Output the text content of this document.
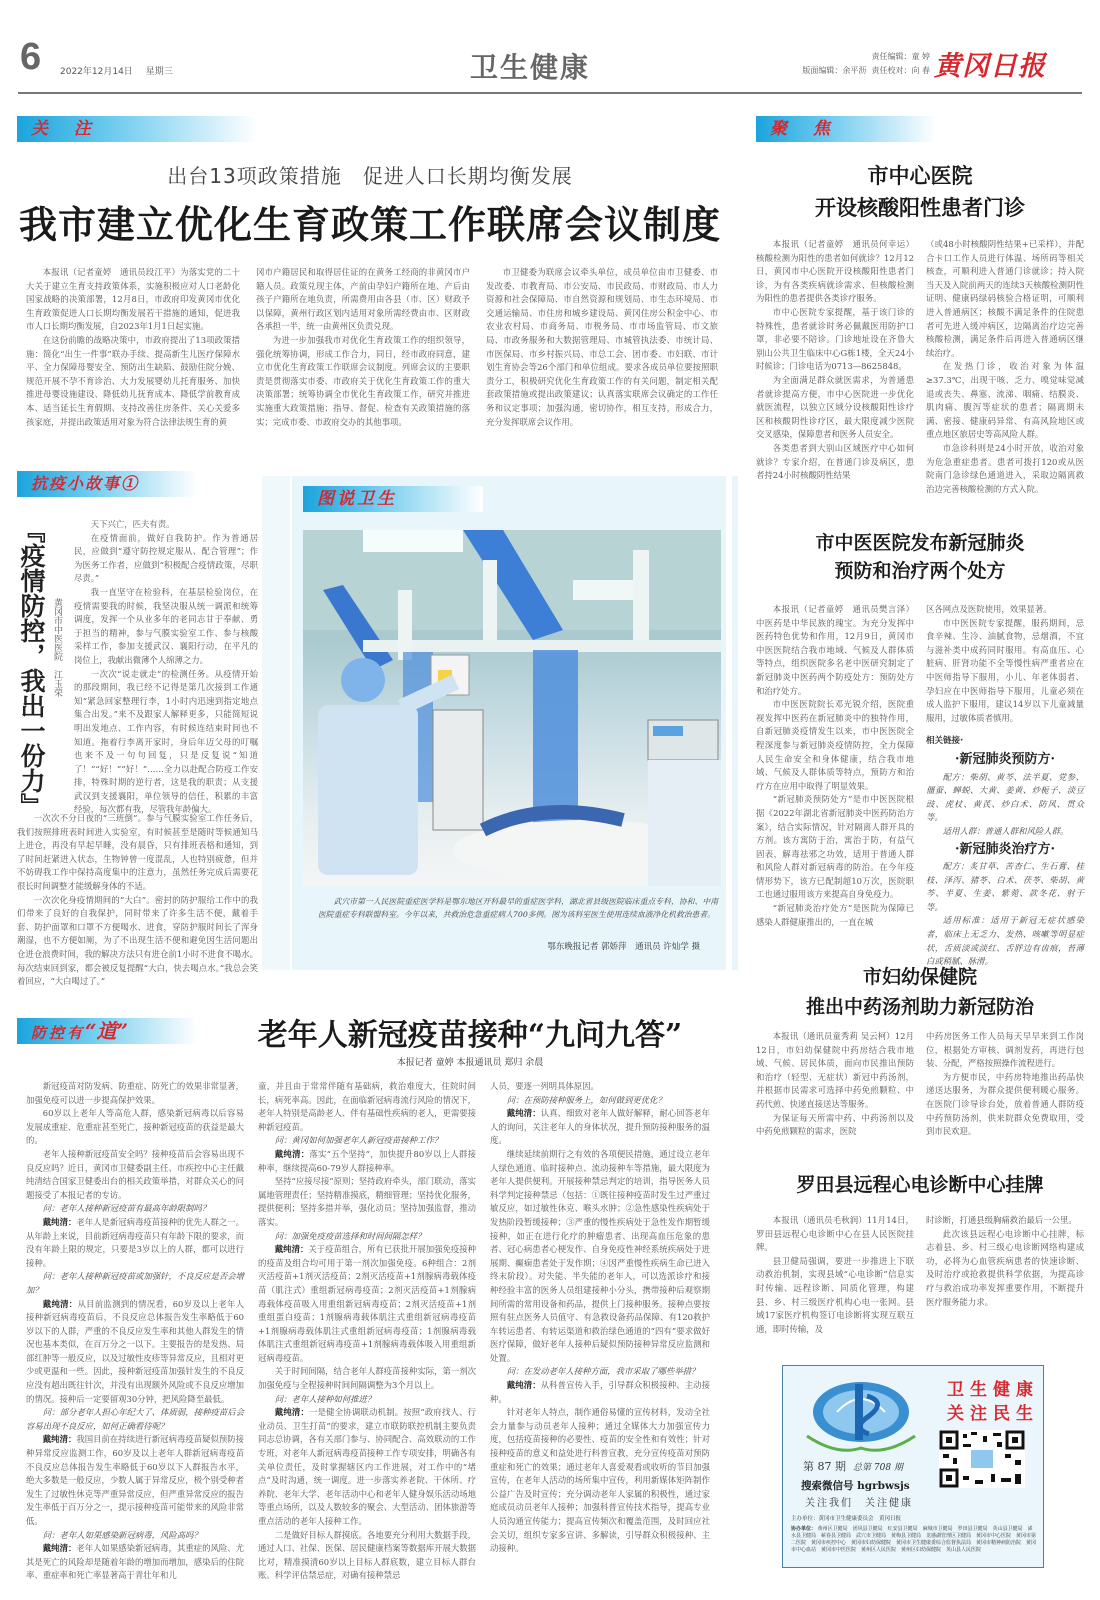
6 2022年12月14日 星期三	卫生健康	责任编辑：童 婷
版面编辑：余平沥 责任校对：向 春 黄冈日报
关 注
出台13项政策措施　促进人口长期均衡发展
我市建立优化生育政策工作联席会议制度

本报讯（记者童婷　通讯员段江平）为落实党的二十大关于建立生育支持政策体系，实施积极应对人口老龄化国家战略的决策部署，12月8日，市政府印发黄冈市优化生育政策促进人口长期均衡发展若干措施的通知，促进我市人口长期均衡发展，自2023年1月1日起实施。

在这份前瞻的战略决策中，市政府提出了13项政策措施：简化“出生一件事”联办手续、提高新生儿医疗保障水平、全力保障母婴安全、预防出生缺陷、鼓励住院分娩、规范开展不孕不育诊治、大力发展婴幼儿托育服务、加快推进母婴设施建设、降低幼儿抚育成本、降低学前教育成本、适当延长生育假期、支持改善住房条件、关心关爱多孩家庭，并提出政策适用对象为符合法律法规生育的黄

冈市户籍居民和取得居住证的在黄务工经商的非黄冈市户籍人员。政策兑现主体，产前由孕妇户籍所在地、产后由孩子户籍所在地负责，所需费用由各县（市、区）财政予以保障，黄州行政区划内适用对象所需经费由市、区财政各承担一半，统一由黄州区负责兑现。

为进一步加强我市对优化生育政策工作的组织领导，强化统筹协调，形成工作合力，同日，经市政府同意，建立市优化生育政策工作联席会议制度。列席会议的主要职责是贯彻落实市委、市政府关于优化生育政策工作的重大决策部署；统筹协调全市优化生育政策工作，研究并推进实施重大政策措施；指导、督促、检查有关政策措施的落实；完成市委、市政府交办的其他事项。

市卫健委为联席会议牵头单位，成员单位由市卫健委、市发改委、市教育局、市公安局、市民政局、市财政局、市人力资源和社会保障局、市自然资源和规划局、市生态环境局、市交通运输局、市住房和城乡建设局、黄冈住房公积金中心、市农业农村局、市商务局、市税务局、市市场监管局、市文旅局、市政务服务和大数据管理局、市城管执法委、市统计局、市医保局、市乡村振兴局、市总工会、团市委、市妇联、市计划生育协会等26个部门和单位组成。要求各成员单位要按照职责分工，积极研究优化生育政策工作的有关问题，制定相关配套政策措施或提出政策建议；认真落实联席会议确定的工作任务和议定事项；加强沟通，密切协作，相互支持，形成合力，充分发挥联席会议作用。

聚 焦
市中心医院
开设核酸阳性患者门诊

本报讯（记者童婷　通讯员何幸运）核酸检测为阳性的患者如何就诊？12月12日，黄冈市中心医院开设核酸阳性患者门诊，为有各类疾病就诊需求、但核酸检测为阳性的患者提供各类诊疗服务。

市中心医院专家提醒，基于该门诊的特殊性，患者就诊时务必佩戴医用防护口罩，非必要不陪诊。门诊地址设在齐鲁大别山公共卫生临床中心G栋1楼，全天24小时候诊；门诊电话为0713—8625848。

为全面满足群众就医需求，为普通患者就诊提高方便，市中心医院进一步优化就医流程，以独立区域分设核酸阳性诊疗区和核酸阴性诊疗区，最大限度减少医院交叉感染，保障患者和医务人员安全。

各类患者到大别山区域医疗中心如何就诊？专家介绍，在普通门诊及病区，患者持24小时核酸阴性结果

（或48小时核酸阴性结果+已采样），并配合卡口工作人员进行体温、场所码等相关核查，可顺利进入普通门诊就诊；持入院当天及入院前两天的连续3天核酸检测阴性证明、健康码绿码核验合格证明，可顺利进入普通病区；核酸不满足条件的住院患者可先进入缓冲病区，边隔离治疗边完善核酸检测，满足条件后再进入普通病区继续治疗。

在发热门诊，收治对象为体温≥37.3℃，出现干咳、乏力、嗅觉味觉减退或丧失、鼻塞、流涕、咽痛、结膜炎、肌肉痛、腹泻等症状的患者；隔离期未满、密接、健康码异常、有高风险地区或重点地区旅居史等高风险人群。

市急诊科则是24小时开放，收治对象为危急重症患者。患者可拨打120或从医院南门急诊绿色通道进入，采取边隔离救治边完善核酸检测的方式入院。

抗疫小故事①
『疫情防控，我出一份力』 黄冈市中医医院　江玉荣

天下兴亡，匹夫有责。

在疫情面前，做好自我防护。作为普通居民，应做到“遵守防控规定服从、配合管理”；作为医务工作者，应做到“积极配合疫情政策，尽职尽责。”

我一直坚守在检验科，在基层检验岗位，在疫情需要我的时候，我坚决服从统一调派和统筹调度，发挥一个从业多年的老同志甘于奉献、勇于担当的精神，参与气膜实验室工作、参与核酸采样工作，参加支援武汉、襄阳行动，在平凡的岗位上，我献出微薄个人绵薄之力。

一次次“说走就走”的检测任务。从疫情开始的那段期间，我已经不记得是第几次接到工作通知“紧急回家整理行李，1小时内迅速到指定地点集合出发。”来不及跟家人解释更多，只能简短说明出发地点、工作内容，有时候连结束时间也不知道。拖着行李离开家时，身后年迈父母的叮嘱也来不及一句句回复，只是反复说“知道了！”“好！”“好！”……全力以赴配合防疫工作安排，特殊时期的逆行者，这是我的职责；从支援武汉到支援襄阳，单位领导的信任，积累的丰富经验，每次都有我，尽管我年龄偏大。

一次次不分日夜的“三班倒”。参与气膜实验室工作任务后，我们按照排班表时间进入实验室，有时候甚至是随时等候通知马上进仓，再没有早起早睡，没有晨昏，只有排班表格和通知，到了时间赶紧进入状态，生物钟曾一度混乱，人也特别疲惫，但并不妨碍我工作中保持高度集中的注意力，虽然任务完成后需要花很长时间调整才能缓解身体的不适。

一次次化身疫情期间的“大白”。密封的防护服给工作中的我们带来了良好的自我保护，同时带来了许多生活不便，戴着手套、防护面罩和口罩不方便喝水、进食，穿防护服时间长了浑身潮湿，也不方便如厕，为了不出现生活不便和避免因生活问题出仓进仓浪费时间，我的解决方法只有进仓前1小时不进食不喝水。每次结束回到家，都会被反复提醒“大白，快去喝点水。”我总会笑着回应，“大白喝过了。”

图说卫生
武穴市第一人民医院重症医学科是鄂东地区开科最早的重症医学科，湖北省县级医院临床重点专科，协和、中南医院重症专科联盟科室。今年以来，共救治危急重症病人700多例。图为该科室医生使用连续血液净化机救治患者。
鄂东晚报记者 郭娇萍　通讯员 许灿学 摄
市中医医院发布新冠肺炎
预防和治疗两个处方

本报讯（记者童婷　通讯员樊言泽）中医药是中华民族的瑰宝。为充分发挥中医药特色优势和作用，12月9日，黄冈市中医医院结合我市地域、气候及人群体质等特点，组织医院多名老中医研究制定了新冠肺炎中医药两个防疫处方：预防处方和治疗处方。

市中医医院院长邓光锐介绍，医院重视发挥中医药在新冠肺炎中的独特作用，自新冠肺炎疫情发生以来，市中医医院全程深度参与新冠肺炎疫情防控，全力保障人民生命安全和身体健康，结合我市地域、气候及人群体质等特点，预防方和治疗方在应用中取得了明显效果。

“新冠肺炎预防处方”是市中医医院根据《2022年湖北省新冠肺炎中医药防治方案》，结合实际情况，针对隔离人群开具的方剂。该方寓防于治，寓治于防，有益气固表，解毒祛邪之功效，适用于普通人群和风险人群对新冠病毒的防治。在今年疫情形势下，该方已配制超10万次，医院职工也通过服用该方来提高自身免疫力。

“新冠肺炎治疗处方”是医院为保障已感染人群健康推出的，一直在城

区各网点及医院使用，效果显著。

市中医医院专家提醒，服药期间，忌食辛辣、生冷、油腻食物，忌烟酒，不宜与滋补类中成药同时服用。有高血压、心脏病、肝肾功能不全等慢性病严重者应在中医师指导下服用，小儿、年老体弱者、孕妇应在中医师指导下服用，儿童必须在成人监护下服用，建议14岁以下儿童减量服用，过敏体质者慎用。

相关链接·
·新冠肺炎预防方·

配方：柴胡、黄芩、法半夏、党参、僵蚕、蝉蜕、大黄、姜黄、炒栀子、淡豆豉、虎杖、黄芪、炒白术、防风、贯众等。

适用人群：普通人群和风险人群。

·新冠肺炎治疗方·

配方：炙甘草、苦杏仁、生石膏、桂枝、泽泻、猪苓、白术、茯苓、柴胡、黄芩、半夏、生姜、紫菀、款冬花、射干等。

适用标准：适用于新冠无症状感染者，临床上无乏力、发热、咳嗽等明显症状，舌质淡或淡红、舌胖边有齿痕，苔薄白或稍腻、脉滑。

市妇幼保健院
推出中药汤剂助力新冠防治

本报讯（通讯员童秀莉 吴云柯）12月12日，市妇幼保健院中药房结合我市地域、气候、居民体质，面向市民推出预防和治疗（轻型、无症状）新冠中药汤剂，并根据市民需求可选择中药免煎颗粒、中药代煎、快递直接送达等服务。

为保证每天所需中药、中药汤剂以及中药免煎颗粒的需求，医院

中药房医务工作人员每天早早来到工作岗位，根据处方审核、调剂发药，再进行包装、分配，严格按照操作流程进行。

为方便市民，中药房特地推出药品快递送达服务，为群众提供便利暖心服务。在医院门诊导诊台处，放着普通人群防疫中药预防汤剂，供来院群众免费取用，受到市民欢迎。

罗田县远程心电诊断中心挂牌

本报讯（通讯员毛秋润）11月14日，罗田县远程心电诊断中心在县人民医院挂牌。

县卫健局强调，要进一步推进上下联动救治机制，实现县域“心电诊断”信息实时传输、远程诊断、同质化管理，构建县、乡、村三级医疗机构心电一张网。县域17家医疗机构签订电诊断将实现互联互通，即时传输，及

时诊断，打通县级胸痛救治最后一公里。

此次该县远程心电诊断中心挂牌，标志着县、乡、村三级心电诊断网络构建成功，必将为心血管疾病患者的快速诊断、及时治疗或抢救提供科学依据，为提高诊疗与救治成功率发挥重要作用，不断提升医疗服务能力求。

卫生健康
关注民生
第 87 期 总第 708 期
搜索微信号 hgrbwsjs
关注我们　关注健康
主办单位：黄冈市卫生健康委员会　黄冈日报
协办单位： 黄州区卫健局　团风县卫健局　红安县卫健局　麻城市卫健局　罗田县卫健局　英山县卫健局　浠水县卫健局　蕲春县卫健局　武穴市卫健局　黄梅县卫健局　龙感湖管理区卫健局　黄冈市中心医院　黄冈市第二医院　黄冈市疾控中心　黄冈市妇幼保健院　黄冈市卫生健康委综合监督执法局　黄冈市精神病防治院　黄冈市中心血站　黄冈市中医医院　黄州区人民医院　黄州区妇幼保健院　英山县人民医院
防控有“道”	老年人新冠疫苗接种“九问九答”
本报记者 童婷 本报通讯员 郑归 余晨

新冠疫苗对防发病、防重症、防死亡的效果非常显著，加强免疫可以进一步提高保护效果。

60岁以上老年人等高危人群，感染新冠病毒以后容易发展成重症、危重症甚至死亡，接种新冠疫苗的获益是最大的。

老年人接种新冠疫苗安全吗？接种疫苗后会容易出现不良反应吗？近日，黄冈市卫健委副主任、市疾控中心主任戴纯清结合国家卫健委出台的相关政策举措，对群众关心的问题接受了本报记者的专访。

问：老年人接种新冠疫苗有最高年龄限制吗？

戴纯清：老年人是新冠病毒疫苗接种的优先人群之一。从年龄上来说，目前新冠病毒疫苗只有年龄下限的要求，而没有年龄上限的规定，只要是3岁以上的人群，都可以进行接种。

问：老年人接种新冠疫苗或加强针，不良反应是否会增加？

戴纯清：从目前监测到的情况看，60岁及以上老年人接种新冠病毒疫苗后，不良反应总体报告发生率略低于60岁以下的人群，严重的不良反应发生率和其他人群发生的情况也基本类似，在百万分之一以下。主要报告的是发热、局部红肿等一般反应，以及过敏性皮疹等异常反应，且相对更少或更温和一些。因此，接种新冠疫苗加强针发生的不良反应没有超出既往针次，并没有出现额外风险或不良反应增加的情况。接种后一定要留观30分钟，把风险降至最低。

问：部分老年人担心年纪大了、体质弱，接种疫苗后会容易出现不良反应，如何正确看待呢？

戴纯清：我国目前在持续进行新冠病毒疫苗疑似预防接种异常反应监测工作，60岁及以上老年人群新冠病毒疫苗不良反应总体报告发生率略低于60岁以下人群报告水平，绝大多数是一般反应，少数人属于异常反应，极个别受种者发生了过敏性休克等严重异常反应，但严重异常反应的报告发生率低于百万分之一，提示接种疫苗可能带来的风险非常低。

问：老年人如果感染新冠病毒，风险高吗？

戴纯清：老年人如果感染新冠病毒，其重症的风险、尤其是死亡的风险却是随着年龄的增加而增加，感染后的住院率、重症率和死亡率显著高于青壮年和儿

童，并且由于常常伴随有基础病，救治难度大，住院时间长，病死率高。因此，在面临新冠病毒流行风险的情况下，老年人特别是高龄老人、伴有基础性疾病的老人，更需要接种新冠疫苗。

问：黄冈如何加强老年人新冠疫苗接种工作？

戴纯清：落实“五个坚持”，加快提升80岁以上人群接种率，继续提高60-79岁人群接种率。

坚持“应接尽接”原则；坚持政府牵头，部门联动，落实属地管理责任；坚持精准摸底，精细管理；坚持优化服务，提供便利；坚持多措并举，强化动员；坚持加强监督，推动落实。

问：加强免疫疫苗选择和时间间隔怎样？

戴纯清：关于疫苗组合，所有已获批开展加强免疫接种的疫苗及组合均可用于第一剂次加强免疫。6种组合：2剂灭活疫苗+1剂灭活疫苗；2剂灭活疫苗+1剂腺病毒载体疫苗（肌注式）重组新冠病毒疫苗；2剂灭活疫苗+1剂腺病毒载体疫苗吸入用重组新冠病毒疫苗；2剂灭活疫苗+1剂重组蛋白疫苗；1剂腺病毒载体肌注式重组新冠病毒疫苗+1剂腺病毒载体肌注式重组新冠病毒疫苗；1剂腺病毒载体肌注式重组新冠病毒疫苗+1剂腺病毒载体吸入用重组新冠病毒疫苗。

关于时间间隔，结合老年人群疫苗接种实际，第一剂次加强免疫与全程接种时间间隔调整为3个月以上。

问：老年人接种如何推进？

戴纯清：一是健全协调联动机制。按照“政府找人、行业动员、卫生打苗”的要求，建立市联防联控机制主要负责同志总协调，各有关部门参与、协同配合、高效联动的工作专班，对老年人新冠病毒疫苗接种工作专项安排，明确各有关单位责任，及时掌握辖区内工作进展，对工作中的“堵点”及时沟通，统一调度。进一步落实养老院、干休所、疗养院、老年大学、老年活动中心和老年人健身娱乐活动场地等重点场所，以及人数较多的聚会、大型活动、团体旅游等重点活动的老年人接种工作。

二是做好目标人群摸底。各地要充分利用大数据手段，通过人口、社保、医保、居民健康档案等数据库开展大数据比对，精准摸清60岁以上目标人群底数，建立目标人群台账。科学评估禁忌症，对确有接种禁忌

人员，要逐一列明具体原因。

问：在预防接种服务上，如何做到更优化？

戴纯清：认真、细致对老年人做好解释，耐心回答老年人的询问，关注老年人的身体状况，提升预防接种服务的温度。

继续延续前期行之有效的各项便民措施，通过设立老年人绿色通道、临时接种点、流动接种车等措施，最大限度为老年人提供便利。开展接种禁忌判定的培训，指导医务人员科学判定接种禁忌（包括：①既往接种疫苗时发生过严重过敏反应，如过敏性休克、喉头水肿；②急性感染性疾病处于发热阶段暂缓接种；③严重的慢性疾病处于急性发作期暂缓接种，如正在进行化疗的肿瘤患者、出现高血压危象的患者、冠心病患者心梗发作、自身免疫性神经系统疾病处于进展期、癫痫患者处于发作期；④因严重慢性疾病生命已进入终末阶段）。对失能、半失能的老年人，可以选派诊疗和接种经验丰富的医务人员组建接种小分头，携带接种后观察期间所需的常用设备和药品，提供上门接种服务。接种点要按照有驻点医务人员值守、有急救设备药品保障、有120救护车转运患者、有转运渠道和救治绿色通道的“四有”要求做好医疗保障，做好老年人接种后疑似预防接种异常反应监测和处置。

问：在发动老年人接种方面，我市采取了哪些举措？

戴纯清：从科普宣传入手，引导群众积极接种、主动接种。

针对老年人特点，制作通俗易懂的宣传材料，发动全社会力量参与动员老年人接种；通过全媒体大力加强宣传力度，包括疫苗接种的必要性、疫苗的安全性和有效性；针对接种疫苗的意义和益处进行科普宣教，充分宣传疫苗对预防重症和死亡的效果；通过老年人喜爱观看或收听的节目加强宣传，在老年人活动的场所集中宣传，利用新媒体矩阵制作公益广告及时宣传；充分调动老年人家属的积极性，通过家庭成员动员老年人接种；加强科普宣传技术指导，提高专业人员沟通宣传能力；提高宣传频次和覆盖范围，及时回应社会关切，组织专家多宣讲、多解读，引导群众积极接种、主动接种。
